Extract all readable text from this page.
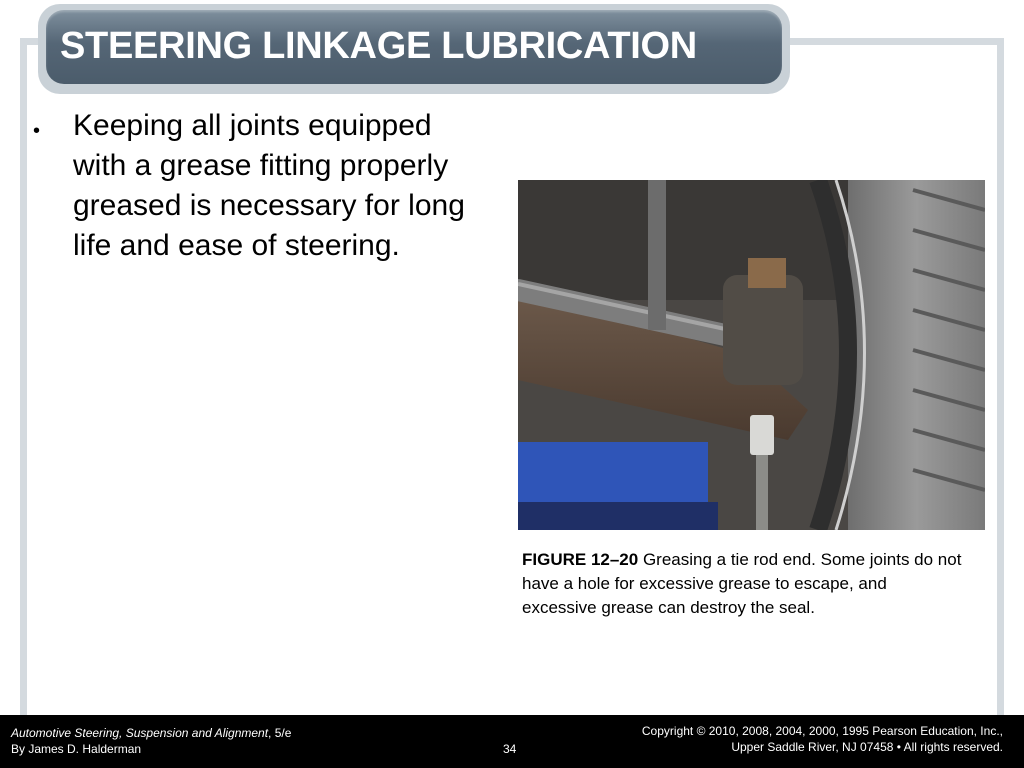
STEERING LINKAGE LUBRICATION
• Keeping all joints equipped with a grease fitting properly greased is necessary for long life and ease of steering.
FIGURE 12–20 Greasing a tie rod end. Some joints do not have a hole for excessive grease to escape, and excessive grease can destroy the seal.
Automotive Steering, Suspension and Alignment, 5/e
By James D. Halderman	34
Copyright © 2010, 2008, 2004, 2000, 1995 Pearson Education, Inc.,
Upper Saddle River, NJ 07458 • All rights reserved.
